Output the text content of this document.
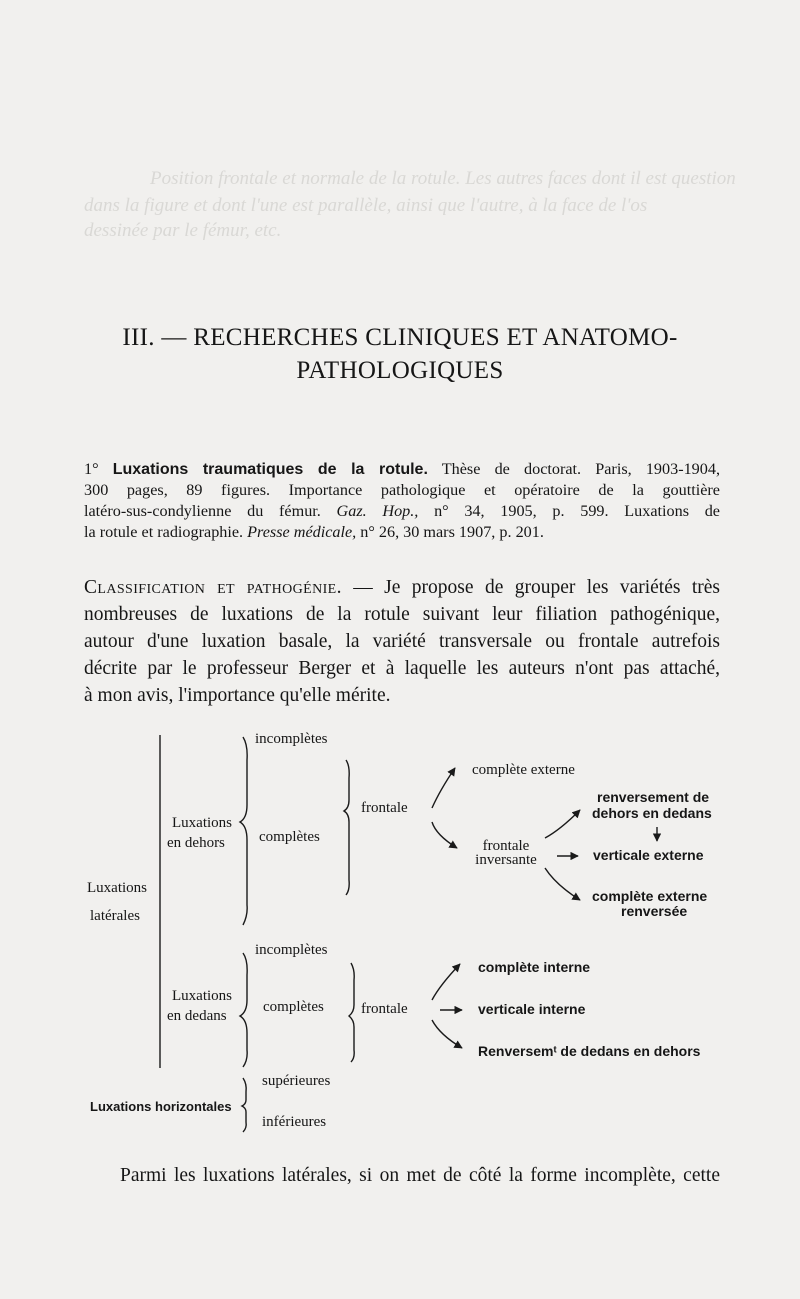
Position frontale et normale de la rotule. Les autres faces dont il est question
dans la figure et dont l'une est parallèle, ainsi que l'autre, à la face de l'os
dessinée par le fémur, etc.
III. — RECHERCHES CLINIQUES ET ANATOMO-
PATHOLOGIQUES
1° Luxations traumatiques de la rotule. Thèse de doctorat. Paris, 1903-1904,
300 pages, 89 figures. Importance pathologique et opératoire de la gouttière
latéro-sus-condylienne du fémur. Gaz. Hop., n° 34, 1905, p. 599. Luxations de
la rotule et radiographie. Presse médicale, n° 26, 30 mars 1907, p. 201.
Classification et pathogénie. — Je propose de grouper les variétés très
nombreuses de luxations de la rotule suivant leur filiation pathogénique,
autour d'une luxation basale, la variété transversale ou frontale autrefois
décrite par le professeur Berger et à laquelle les auteurs n'ont pas attaché,
à mon avis, l'importance qu'elle mérite.
Luxations
latérales
Luxations
en dehors
Luxations
en dedans
incomplètes
complètes
frontale
complète externe
frontale
inversante
renversement de
dehors en dedans
verticale externe
complète externe
renversée
incomplètes
complètes frontale
complète interne
verticale interne
Renversemᵗ de dedans en dehors
Luxations horizontales
supérieures
inférieures
Parmi les luxations latérales, si on met de côté la forme incomplète, cette
